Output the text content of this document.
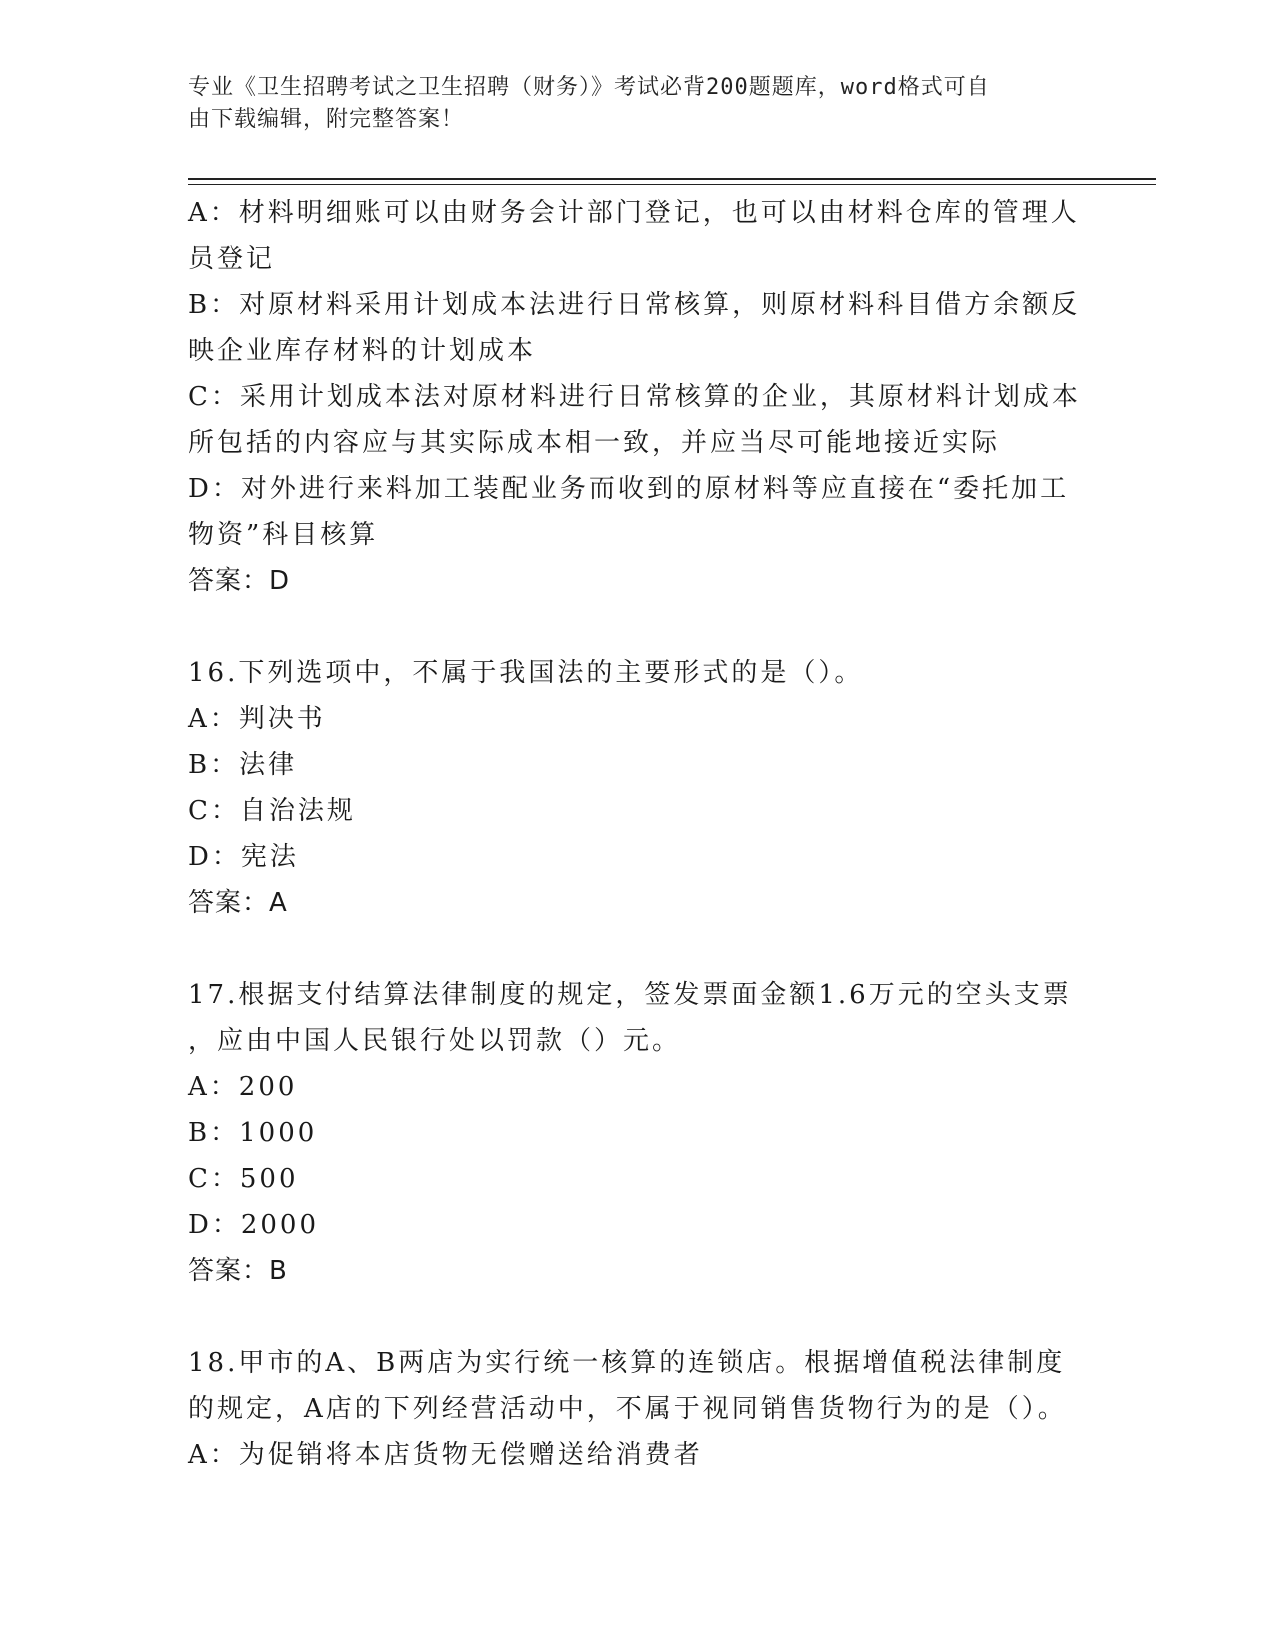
专业《卫生招聘考试之卫生招聘（财务）》考试必背200题题库，word格式可自
由下载编辑，附完整答案！
A：材料明细账可以由财务会计部门登记，也可以由材料仓库的管理人
员登记
B：对原材料采用计划成本法进行日常核算，则原材料科目借方余额反
映企业库存材料的计划成本
C：采用计划成本法对原材料进行日常核算的企业，其原材料计划成本
所包括的内容应与其实际成本相一致，并应当尽可能地接近实际
D：对外进行来料加工装配业务而收到的原材料等应直接在“委托加工
物资”科目核算
答案：D
16.下列选项中，不属于我国法的主要形式的是（）。
A：判决书
B：法律
C：自治法规
D：宪法
答案：A
17.根据支付结算法律制度的规定，签发票面金额1.6万元的空头支票
，应由中国人民银行处以罚款（）元。
A：200
B：1000
C：500
D：2000
答案：B
18.甲市的A、B两店为实行统一核算的连锁店。根据增值税法律制度
的规定，A店的下列经营活动中，不属于视同销售货物行为的是（）。
A：为促销将本店货物无偿赠送给消费者
